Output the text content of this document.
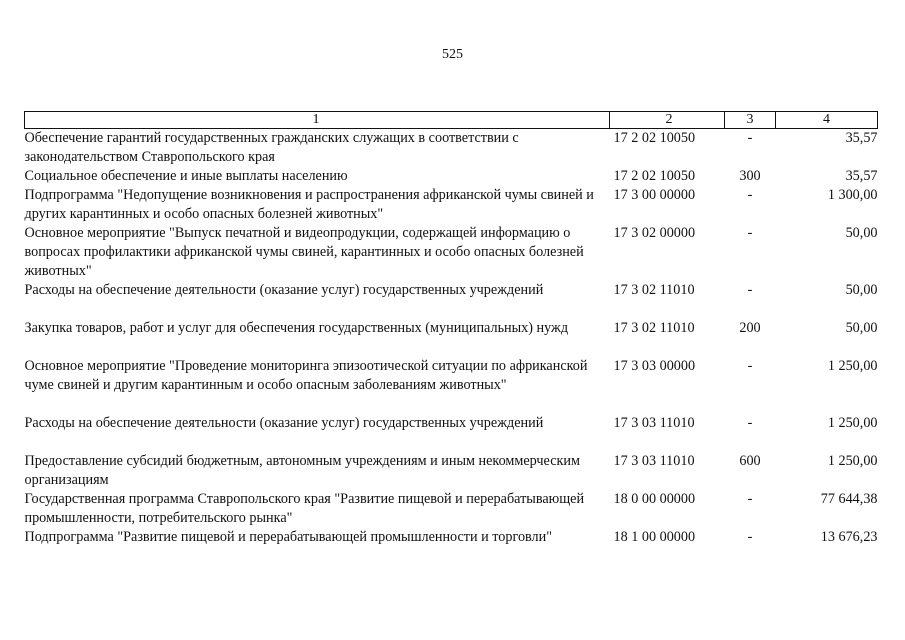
525
1	2	3	4
Обеспечение гарантий государственных гражданских служащих в соответствии с законодательством Ставропольского края	17 2 02 10050	-	35,57
Социальное обеспечение и иные выплаты населению	17 2 02 10050	300	35,57
Подпрограмма "Недопущение возникновения и распространения африканской чумы свиней и других карантинных и особо опасных болезней животных"	17 3 00 00000	-	1 300,00
Основное мероприятие "Выпуск печатной и видеопродукции, содержащей информацию о вопросах профилактики африканской чумы свиней, карантинных и особо опасных болезней животных"	17 3 02 00000	-	50,00
Расходы на обеспечение деятельности (оказание услуг) государственных учреждений	17 3 02 11010	-	50,00
Закупка товаров, работ и услуг для обеспечения государственных (муниципальных) нужд	17 3 02 11010	200	50,00
Основное мероприятие "Проведение мониторинга эпизоотической ситуации по африканской чуме свиней и другим карантинным и особо опасным заболеваниям животных"	17 3 03 00000	-	1 250,00
Расходы на обеспечение деятельности (оказание услуг) государственных учреждений	17 3 03 11010	-	1 250,00
Предоставление субсидий бюджетным, автономным учреждениям и иным некоммерческим организациям	17 3 03 11010	600	1 250,00
Государственная программа Ставропольского края "Развитие пищевой и перерабатывающей промышленности, потребительского рынка"	18 0 00 00000	-	77 644,38
Подпрограмма "Развитие пищевой и перерабатывающей промышленности и торговли"	18 1 00 00000	-	13 676,23
